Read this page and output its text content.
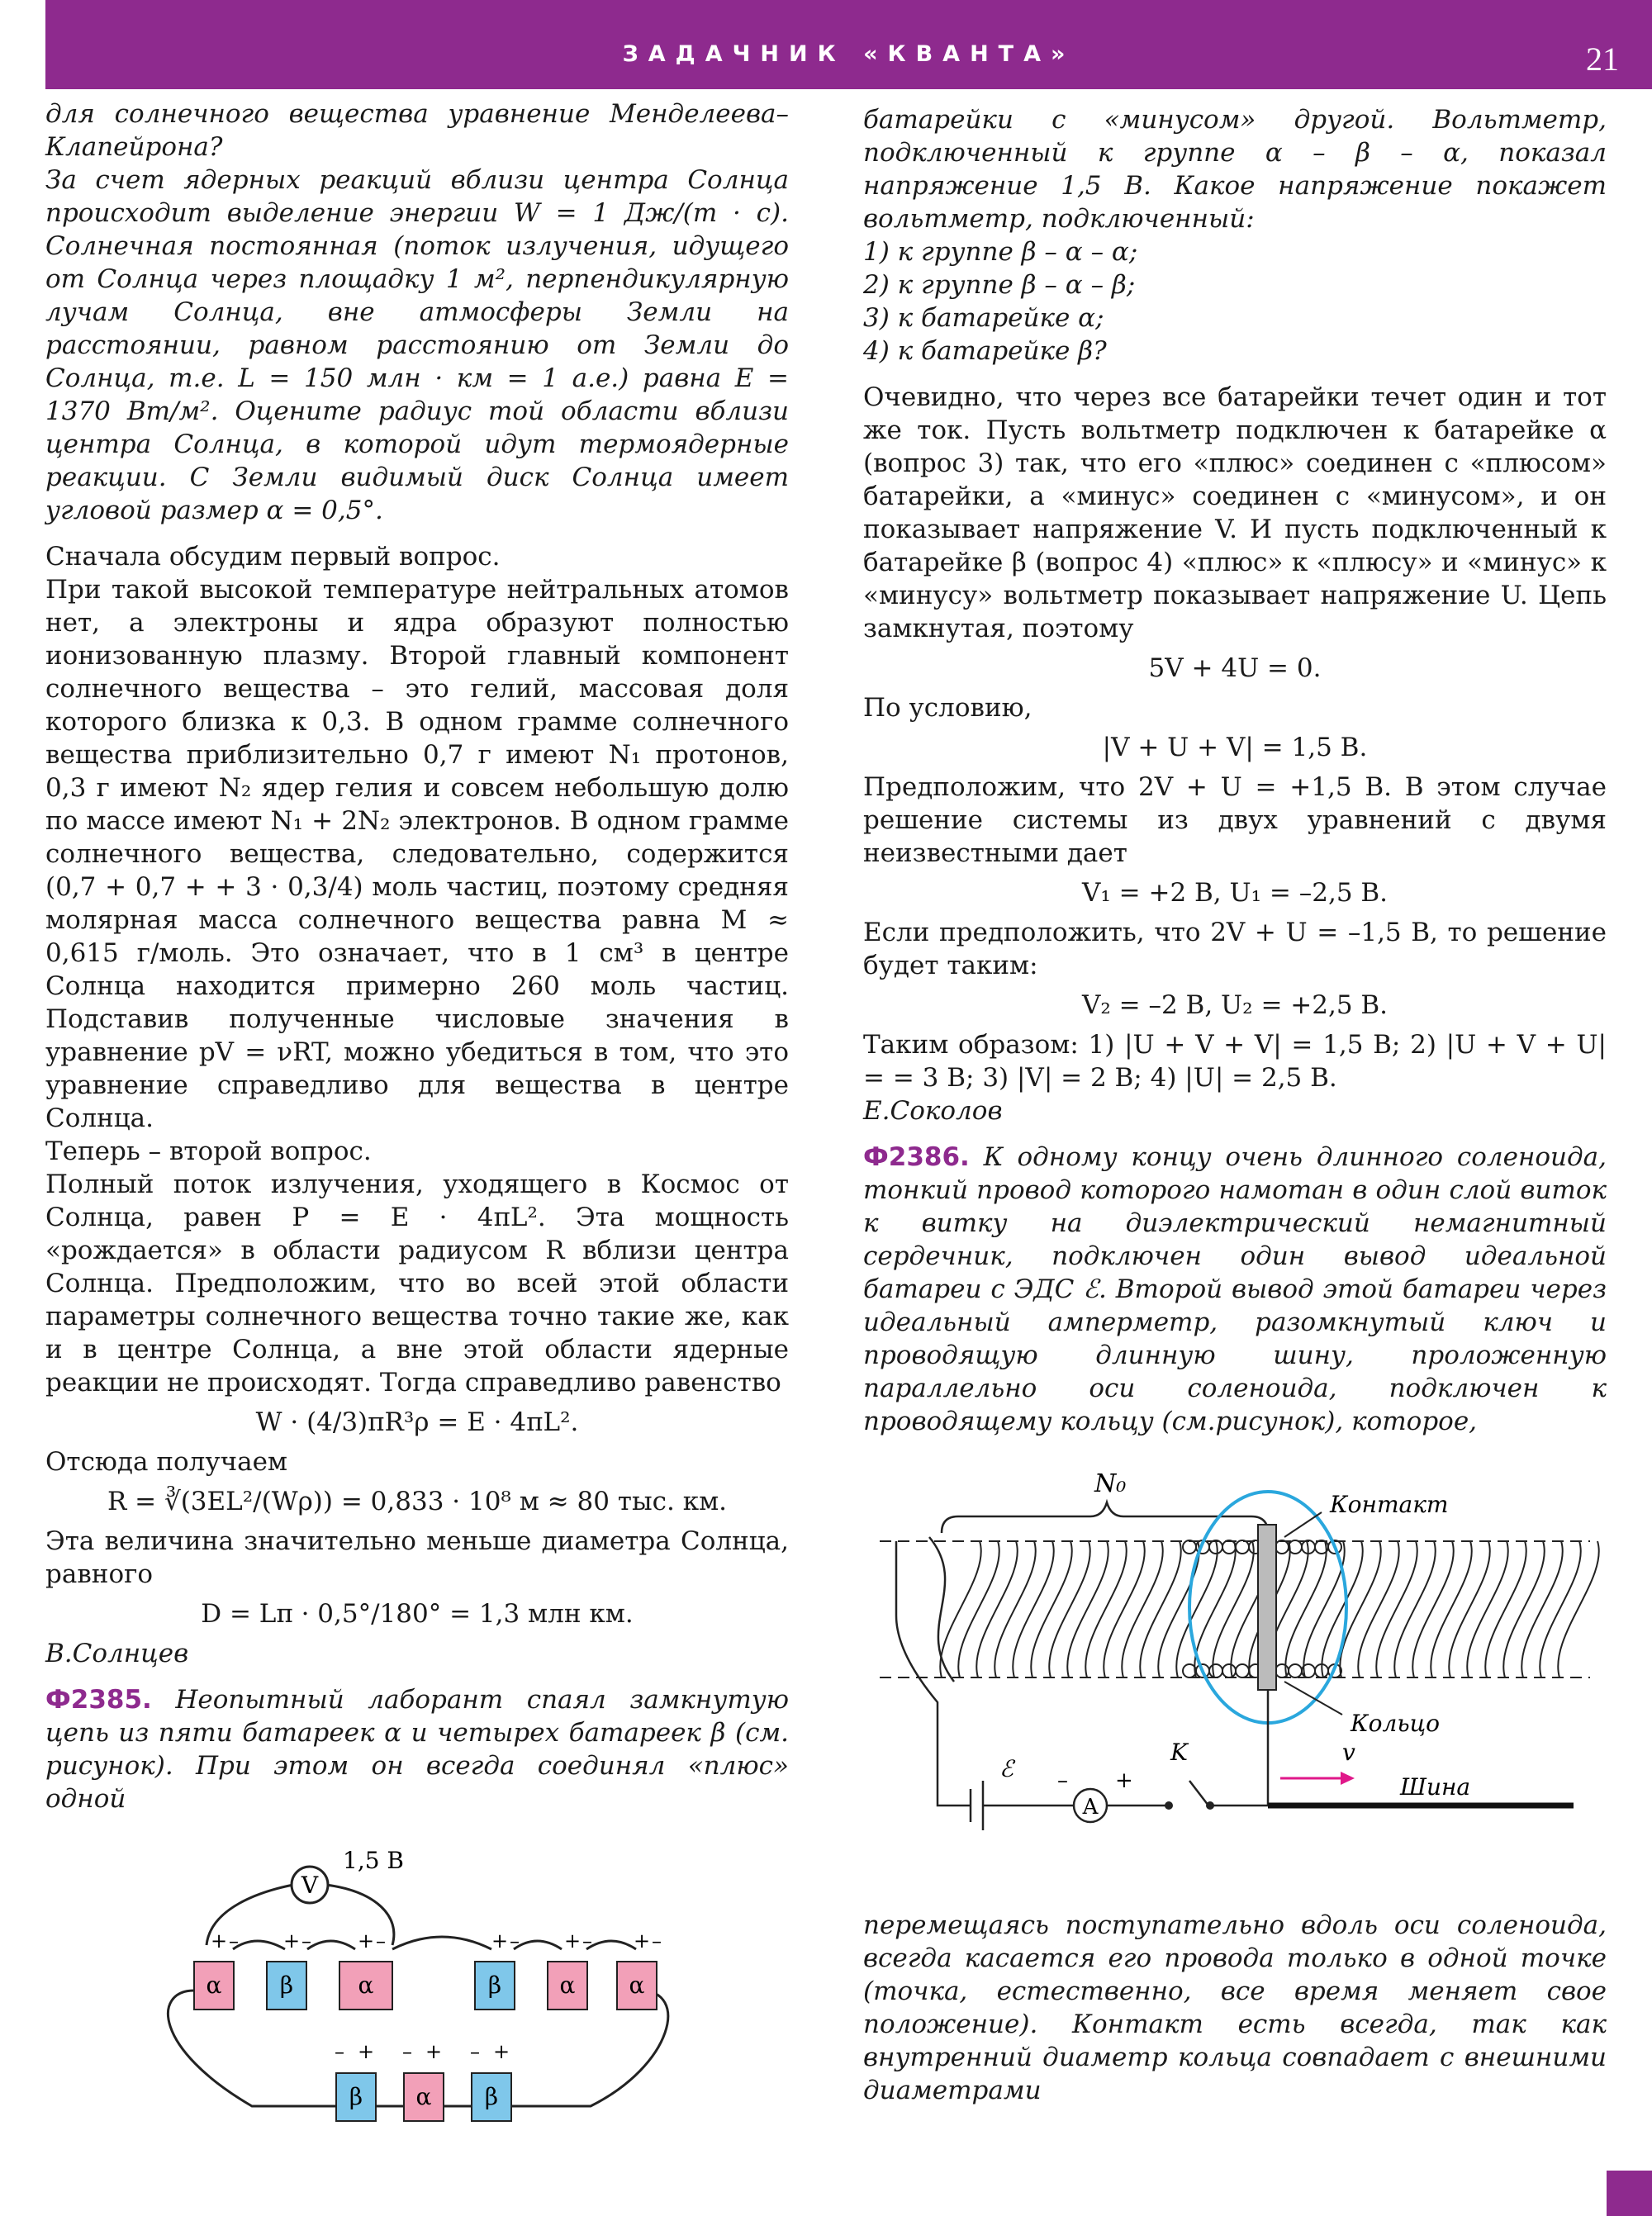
ЗАДАЧНИК «КВАНТА»	21

для солнечного вещества уравнение Менделеева–Клапейрона?

За счет ядерных реакций вблизи центра Солнца происходит выделение энергии W = 1 Дж/(т · с). Солнечная постоянная (поток излучения, идущего от Солнца через площадку 1 м², перпендикулярную лучам Солнца, вне атмосферы Земли на расстоянии, равном расстоянию от Земли до Солнца, т.е. L = 150 млн · км = 1 а.е.) равна E = 1370 Вт/м². Оцените радиус той области вблизи центра Солнца, в которой идут термоядерные реакции. С Земли видимый диск Солнца имеет угловой размер α = 0,5°.

Сначала обсудим первый вопрос.

При такой высокой температуре нейтральных атомов нет, а электроны и ядра образуют полностью ионизованную плазму. Второй главный компонент солнечного вещества – это гелий, массовая доля которого близка к 0,3. В одном грамме солнечного вещества приблизительно 0,7 г имеют N₁ протонов, 0,3 г имеют N₂ ядер гелия и совсем небольшую долю по массе имеют N₁ + 2N₂ электронов. В одном грамме солнечного вещества, следовательно, содержится (0,7 + 0,7 + + 3 · 0,3/4) моль частиц, поэтому средняя молярная масса солнечного вещества равна M ≈ 0,615 г/моль. Это означает, что в 1 см³ в центре Солнца находится примерно 260 моль частиц. Подставив полученные числовые значения в уравнение pV = νRT, можно убедиться в том, что это уравнение справедливо для вещества в центре Солнца.

Теперь – второй вопрос.

Полный поток излучения, уходящего в Космос от Солнца, равен P = E · 4πL². Эта мощность «рождается» в области радиусом R вблизи центра Солнца. Предположим, что во всей этой области параметры солнечного вещества точно такие же, как и в центре Солнца, а вне этой области ядерные реакции не происходят. Тогда справедливо равенство

W · (4/3)πR³ρ = E · 4πL².

Отсюда получаем

R = ∛(3EL²/(Wρ)) = 0,833 · 10⁸ м ≈ 80 тыс. км.

Эта величина значительно меньше диаметра Солнца, равного

D = Lπ · 0,5°/180° = 1,3 млн км.

В.Солнцев

Ф2385. Неопытный лаборант спаял замкнутую цепь из пяти батареек α и четырех батареек β (см. рисунок). При этом он всегда соединял «плюс» одной

V
1,5 В
α	β	α	β	α α
+ – + – + –	+ – + – + –
– + – + – +
β α β

батарейки с «минусом» другой. Вольтметр, подключенный к группе α – β – α, показал напряжение 1,5 В. Какое напряжение покажет вольтметр, подключенный:

1) к группе β – α – α;

2) к группе β – α – β;

3) к батарейке α;

4) к батарейке β?

Очевидно, что через все батарейки течет один и тот же ток. Пусть вольтметр подключен к батарейке α (вопрос 3) так, что его «плюс» соединен с «плюсом» батарейки, а «минус» соединен с «минусом», и он показывает напряжение V. И пусть подключенный к батарейке β (вопрос 4) «плюс» к «плюсу» и «минус» к «минусу» вольтметр показывает напряжение U. Цепь замкнутая, поэтому

5V + 4U = 0.

По условию,

|V + U + V| = 1,5 В.

Предположим, что 2V + U = +1,5 В. В этом случае решение системы из двух уравнений с двумя неизвестными дает

V₁ = +2 В, U₁ = –2,5 В.

Если предположить, что 2V + U = –1,5 В, то решение будет таким:

V₂ = –2 В, U₂ = +2,5 В.

Таким образом: 1) |U + V + V| = 1,5 В; 2) |U + V + U| = = 3 В; 3) |V| = 2 В; 4) |U| = 2,5 В.

Е.Соколов

Ф2386. К одному концу очень длинного соленоида, тонкий провод которого намотан в один слой виток к витку на диэлектрический немагнитный сердечник, подключен один вывод идеальной батареи с ЭДС ℰ. Второй вывод этой батареи через идеальный амперметр, разомкнутый ключ и проводящую длинную шину, проложенную параллельно оси соленоида, подключен к проводящему кольцу (см.рисунок), которое,

N₀
Контакт
Кольцо
ℰ
A
– +
K
Шина
v

перемещаясь поступательно вдоль оси соленоида, всегда касается его провода только в одной точке (точка, естественно, все время меняет свое положение). Контакт есть всегда, так как внутренний диаметр кольца совпадает с внешними диаметрами
